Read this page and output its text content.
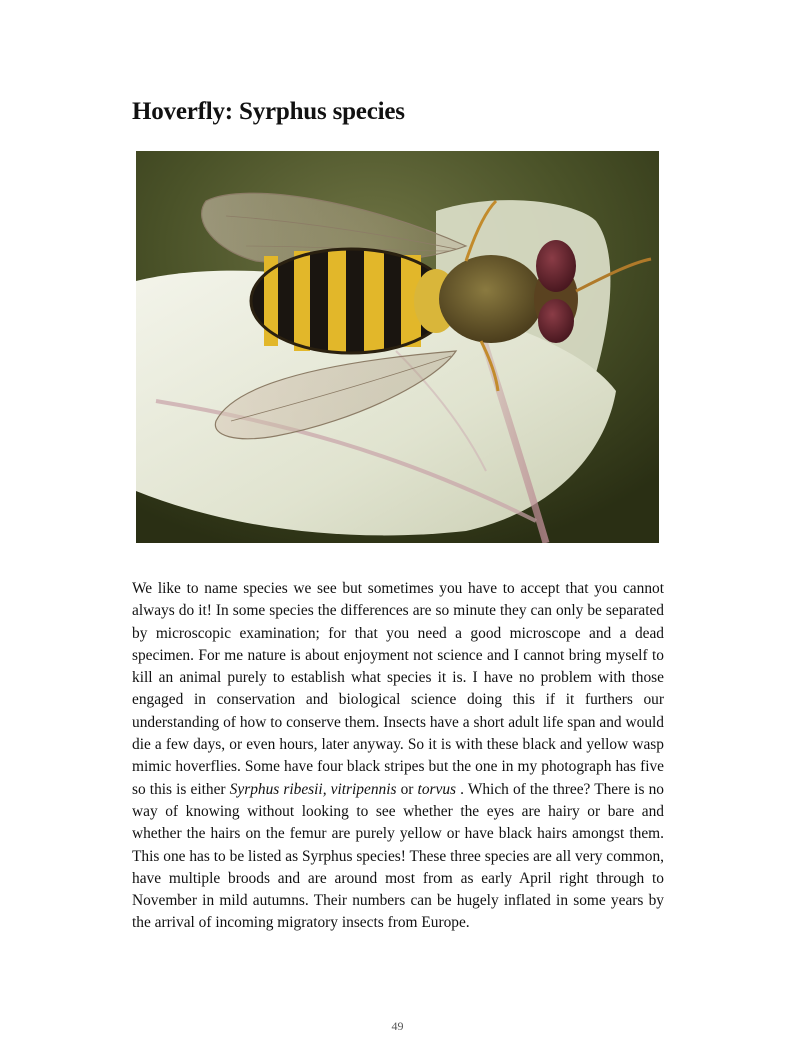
Hoverfly: Syrphus species

We like to name species we see but sometimes you have to accept that you cannot always do it! In some species the differences are so minute they can only be separated by microscopic examination; for that you need a good microscope and a dead specimen. For me nature is about enjoyment not science and I cannot bring myself to kill an animal purely to establish what species it is. I have no problem with those engaged in conservation and biological science doing this if it furthers our understanding of how to conserve them. Insects have a short adult life span and would die a few days, or even hours, later anyway. So it is with these black and yellow wasp mimic hoverflies. Some have four black stripes but the one in my photograph has five so this is either Syrphus ribesii, vitripennis or torvus . Which of the three? There is no way of knowing without looking to see whether the eyes are hairy or bare and whether the hairs on the femur are purely yellow or have black hairs amongst them. This one has to be listed as Syrphus species! These three species are all very common, have multiple broods and are around most from as early April right through to November in mild autumns. Their numbers can be hugely inflated in some years by the arrival of incoming migratory insects from Europe.

49
